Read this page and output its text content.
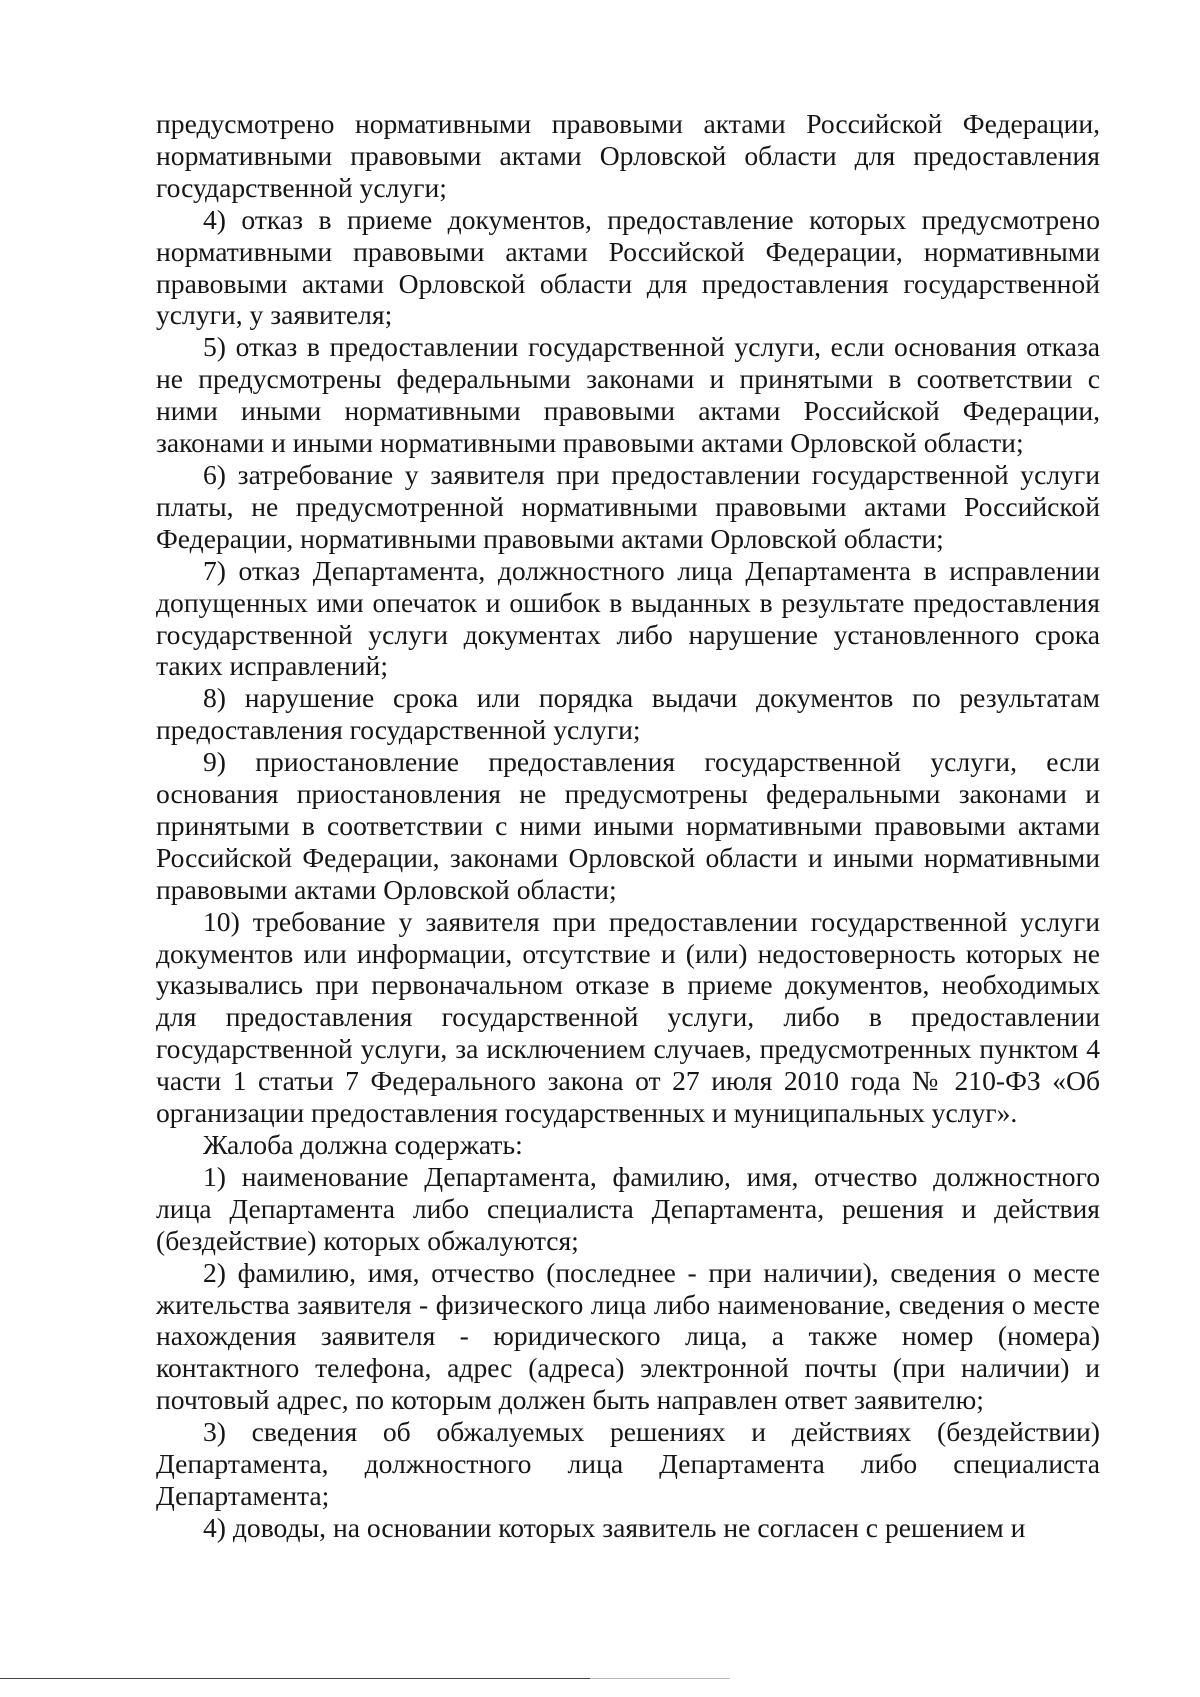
предусмотрено нормативными правовыми актами Российской Федерации, нормативными правовыми актами Орловской области для предоставления государственной услуги;

4) отказ в приеме документов, предоставление которых предусмотрено нормативными правовыми актами Российской Федерации, нормативными правовыми актами Орловской области для предоставления государственной услуги, у заявителя;

5) отказ в предоставлении государственной услуги, если основания отказа не предусмотрены федеральными законами и принятыми в соответствии с ними иными нормативными правовыми актами Российской Федерации, законами и иными нормативными правовыми актами Орловской области;

6) затребование у заявителя при предоставлении государственной услуги платы, не предусмотренной нормативными правовыми актами Российской Федерации, нормативными правовыми актами Орловской области;

7) отказ Департамента, должностного лица Департамента в исправлении допущенных ими опечаток и ошибок в выданных в результате предоставления государственной услуги документах либо нарушение установленного срока таких исправлений;

8) нарушение срока или порядка выдачи документов по результатам предоставления государственной услуги;

9) приостановление предоставления государственной услуги, если основания приостановления не предусмотрены федеральными законами и принятыми в соответствии с ними иными нормативными правовыми актами Российской Федерации, законами Орловской области и иными нормативными правовыми актами Орловской области;

10) требование у заявителя при предоставлении государственной услуги документов или информации, отсутствие и (или) недостоверность которых не указывались при первоначальном отказе в приеме документов, необходимых для предоставления государственной услуги, либо в предоставлении государственной услуги, за исключением случаев, предусмотренных пунктом 4 части 1 статьи 7 Федерального закона от 27 июля 2010 года № 210-ФЗ «Об организации предоставления государственных и муниципальных услуг».

Жалоба должна содержать:

1) наименование Департамента, фамилию, имя, отчество должностного лица Департамента либо специалиста Департамента, решения и действия (бездействие) которых обжалуются;

2) фамилию, имя, отчество (последнее - при наличии), сведения о месте жительства заявителя - физического лица либо наименование, сведения о месте нахождения заявителя - юридического лица, а также номер (номера) контактного телефона, адрес (адреса) электронной почты (при наличии) и почтовый адрес, по которым должен быть направлен ответ заявителю;

3) сведения об обжалуемых решениях и действиях (бездействии) Департамента, должностного лица Департамента либо специалиста Департамента;

4) доводы, на основании которых заявитель не согласен с решением и
